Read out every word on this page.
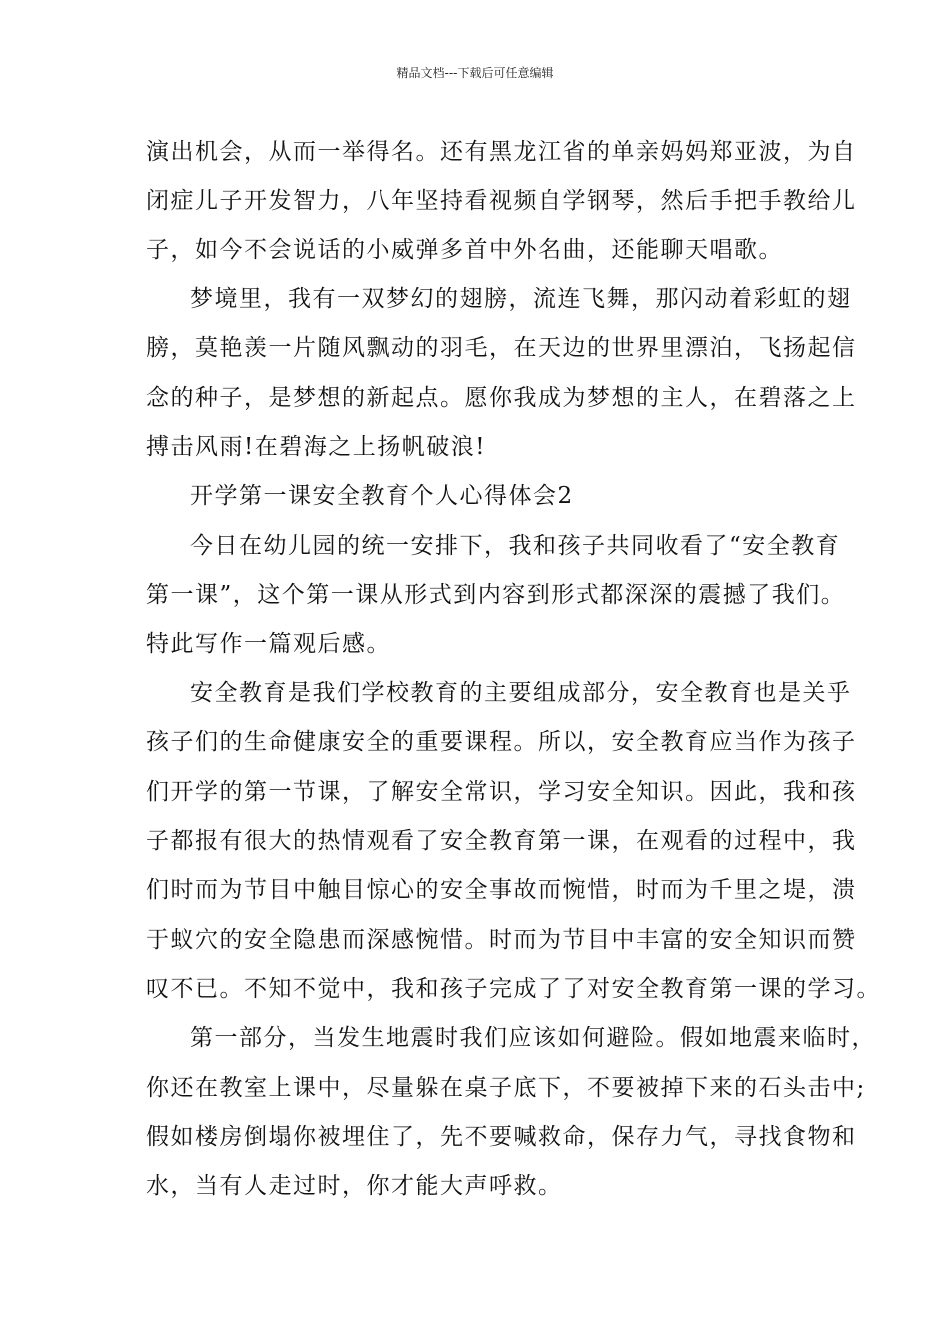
精品文档---下载后可任意编辑
演出机会，从而一举得名。还有黑龙江省的单亲妈妈郑亚波，为自
闭症儿子开发智力，八年坚持看视频自学钢琴，然后手把手教给儿
子，如今不会说话的小威弹多首中外名曲，还能聊天唱歌。
梦境里，我有一双梦幻的翅膀，流连飞舞，那闪动着彩虹的翅
膀，莫艳羡一片随风飘动的羽毛，在天边的世界里漂泊，飞扬起信
念的种子，是梦想的新起点。愿你我成为梦想的主人，在碧落之上
搏击风雨!在碧海之上扬帆破浪!
开学第一课安全教育个人心得体会2
今日在幼儿园的统一安排下，我和孩子共同收看了“安全教育
第一课”，这个第一课从形式到内容到形式都深深的震撼了我们。
特此写作一篇观后感。
安全教育是我们学校教育的主要组成部分，安全教育也是关乎
孩子们的生命健康安全的重要课程。所以，安全教育应当作为孩子
们开学的第一节课，了解安全常识，学习安全知识。因此，我和孩
子都报有很大的热情观看了安全教育第一课，在观看的过程中，我
们时而为节目中触目惊心的安全事故而惋惜，时而为千里之堤，溃
于蚁穴的安全隐患而深感惋惜。时而为节目中丰富的安全知识而赞
叹不已。不知不觉中，我和孩子完成了了对安全教育第一课的学习。
第一部分，当发生地震时我们应该如何避险。假如地震来临时，
你还在教室上课中，尽量躲在桌子底下，不要被掉下来的石头击中;
假如楼房倒塌你被埋住了，先不要喊救命，保存力气，寻找食物和
水，当有人走过时，你才能大声呼救。
